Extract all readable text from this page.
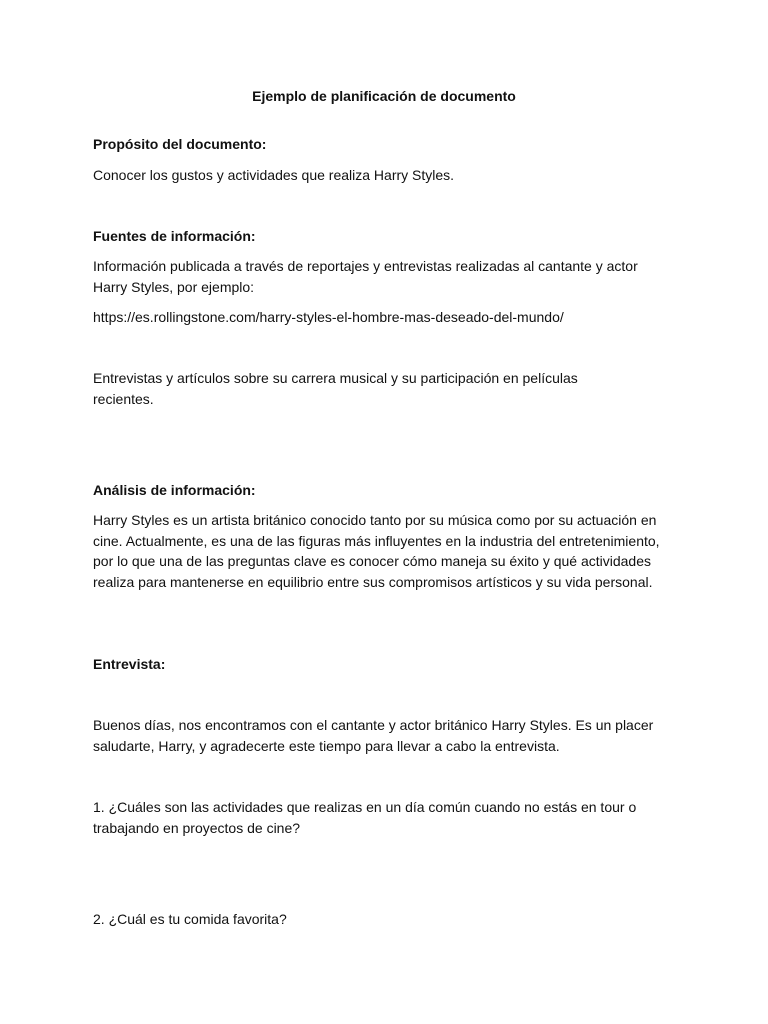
Ejemplo de planificación de documento

Propósito del documento:

Conocer los gustos y actividades que realiza Harry Styles.

Fuentes de información:

Información publicada a través de reportajes y entrevistas realizadas al cantante y actor Harry Styles, por ejemplo:

https://es.rollingstone.com/harry-styles-el-hombre-mas-deseado-del-mundo/

Entrevistas y artículos sobre su carrera musical y su participación en películas recientes.

Análisis de información:

Harry Styles es un artista británico conocido tanto por su música como por su actuación en cine. Actualmente, es una de las figuras más influyentes en la industria del entretenimiento, por lo que una de las preguntas clave es conocer cómo maneja su éxito y qué actividades realiza para mantenerse en equilibrio entre sus compromisos artísticos y su vida personal.

Entrevista:

Buenos días, nos encontramos con el cantante y actor británico Harry Styles. Es un placer saludarte, Harry, y agradecerte este tiempo para llevar a cabo la entrevista.

1. ¿Cuáles son las actividades que realizas en un día común cuando no estás en tour o trabajando en proyectos de cine?

2. ¿Cuál es tu comida favorita?
